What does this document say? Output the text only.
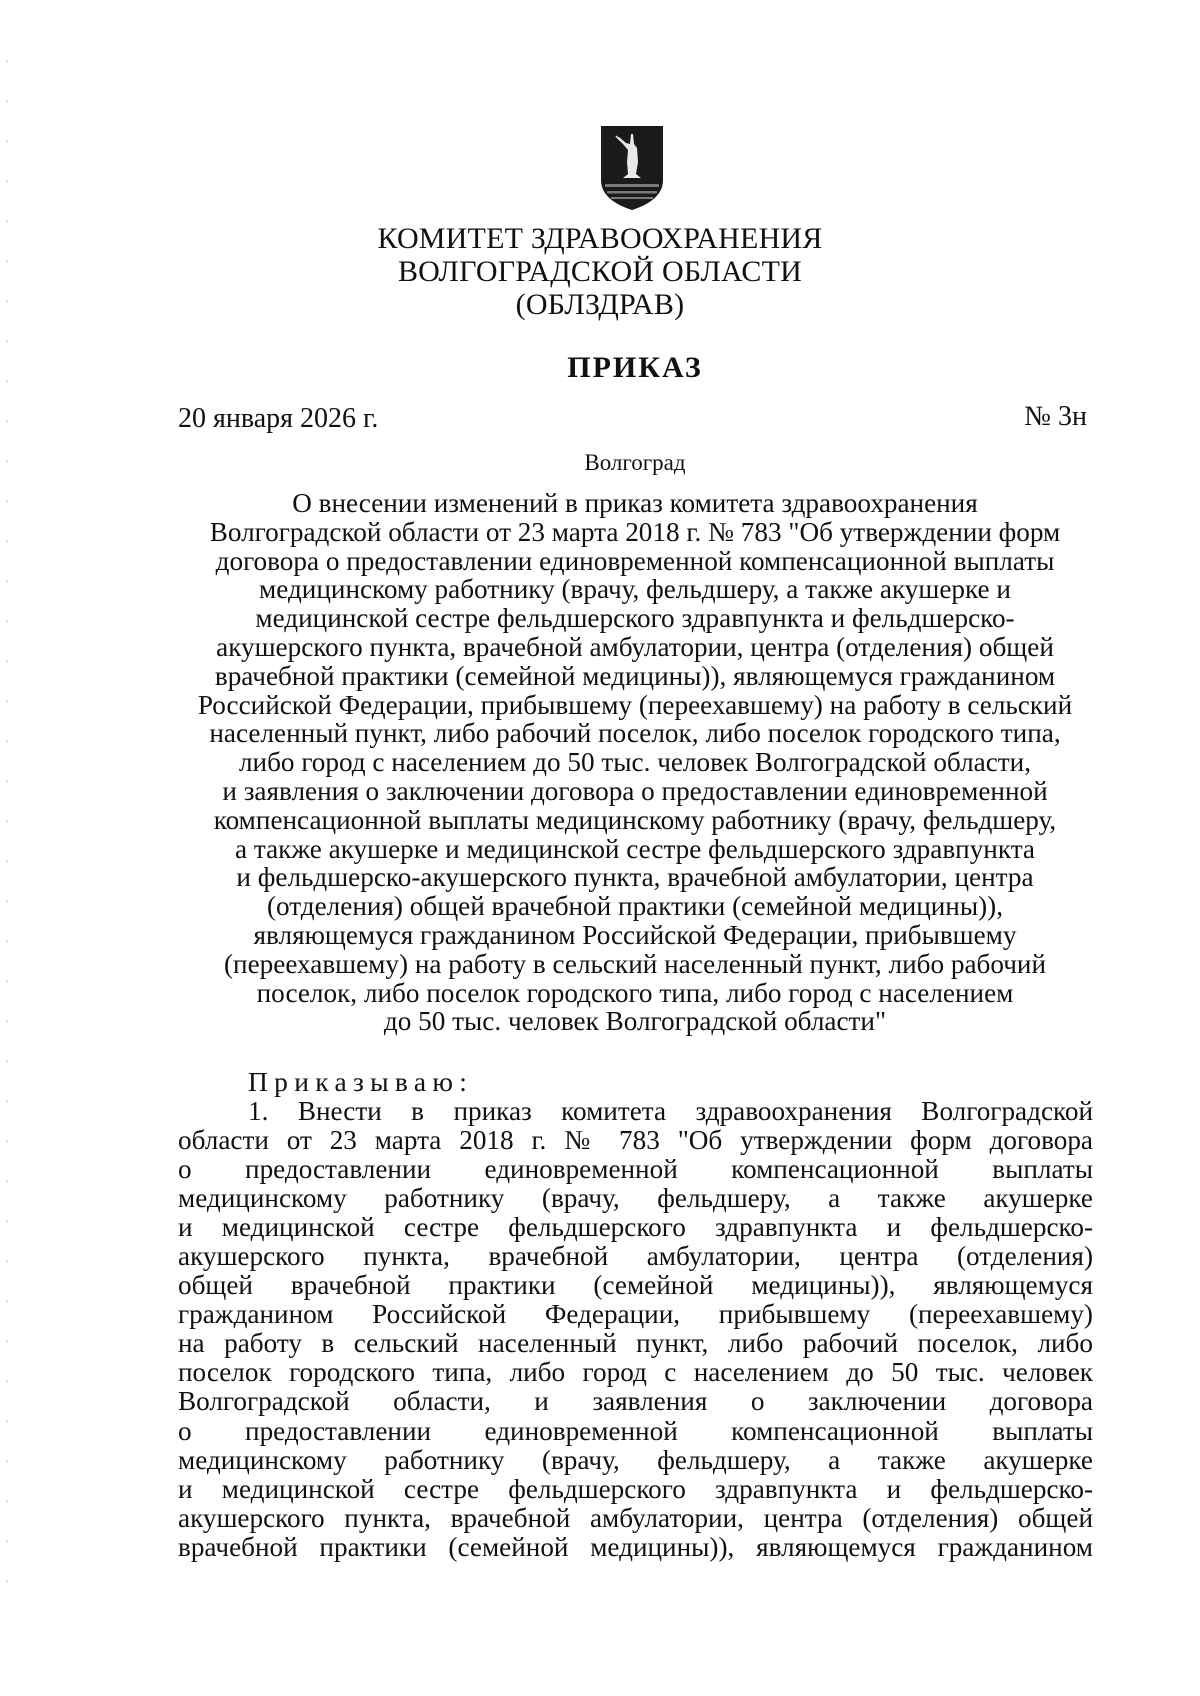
КОМИТЕТ ЗДРАВООХРАНЕНИЯ
ВОЛГОГРАДСКОЙ ОБЛАСТИ
(ОБЛЗДРАВ)
ПРИКАЗ
20 января 2026 г.	№ 3н
Волгоград
О внесении изменений в приказ комитета здравоохранения
Волгоградской области от 23 марта 2018 г. № 783 "Об утверждении форм
договора о предоставлении единовременной компенсационной выплаты
медицинскому работнику (врачу, фельдшеру, а также акушерке и
медицинской сестре фельдшерского здравпункта и фельдшерско-
акушерского пункта, врачебной амбулатории, центра (отделения) общей
врачебной практики (семейной медицины)), являющемуся гражданином
Российской Федерации, прибывшему (переехавшему) на работу в сельский
населенный пункт, либо рабочий поселок, либо поселок городского типа,
либо город с населением до 50 тыс. человек Волгоградской области,
и заявления о заключении договора о предоставлении единовременной
компенсационной выплаты медицинскому работнику (врачу, фельдшеру,
а также акушерке и медицинской сестре фельдшерского здравпункта
и фельдшерско-акушерского пункта, врачебной амбулатории, центра
(отделения) общей врачебной практики (семейной медицины)),
являющемуся гражданином Российской Федерации, прибывшему
(переехавшему) на работу в сельский населенный пункт, либо рабочий
поселок, либо поселок городского типа, либо город с населением
до 50 тыс. человек Волгоградской области"
Приказываю:
1. Внести в приказ комитета здравоохранения Волгоградской
области от 23 марта 2018 г. № 783 "Об утверждении форм договора
о предоставлении единовременной компенсационной выплаты
медицинскому работнику (врачу, фельдшеру, а также акушерке
и медицинской сестре фельдшерского здравпункта и фельдшерско-
акушерского пункта, врачебной амбулатории, центра (отделения)
общей врачебной практики (семейной медицины)), являющемуся
гражданином Российской Федерации, прибывшему (переехавшему)
на работу в сельский населенный пункт, либо рабочий поселок, либо
поселок городского типа, либо город с населением до 50 тыс. человек
Волгоградской области, и заявления о заключении договора
о предоставлении единовременной компенсационной выплаты
медицинскому работнику (врачу, фельдшеру, а также акушерке
и медицинской сестре фельдшерского здравпункта и фельдшерско-
акушерского пункта, врачебной амбулатории, центра (отделения) общей
врачебной практики (семейной медицины)), являющемуся гражданином
